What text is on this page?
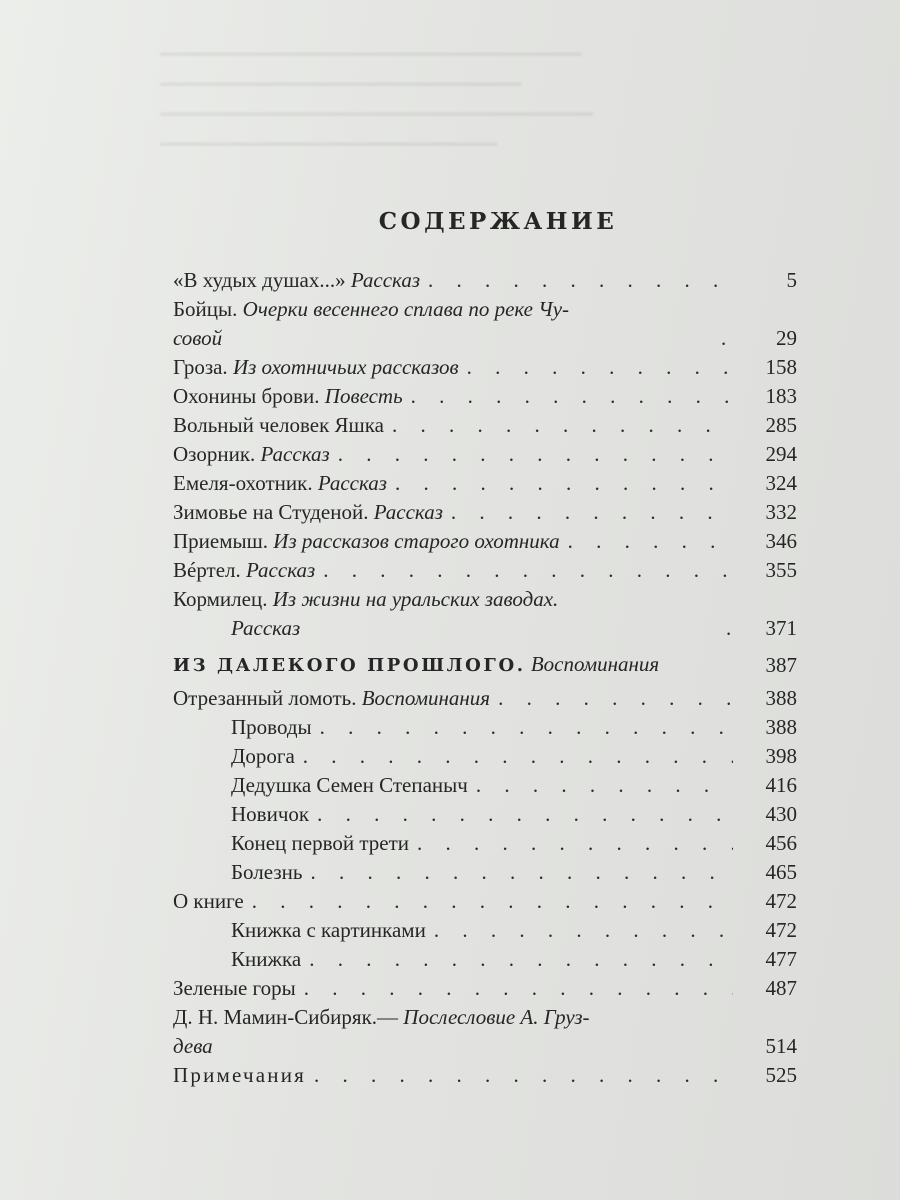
━━━━━━━━━━━━━━━━━━━━━━━━━━━━━━━━━━━
━━━━━━━━━━━━━━━━━━━━━━━━━━━━━━
━━━━━━━━━━━━━━━━━━━━━━━━━━━━━━━━━━━━
━━━━━━━━━━━━━━━━━━━━━━━━━━━━
СОДЕРЖАНИЕ
«В худых душах...» Рассказ . . .	5
Бойцы. Очерки весеннего сплава по реке Чу-
совой . . .	29
Гроза. Из охотничьих рассказов . . .	158
Охонины брови. Повесть . . .	183
Вольный человек Яшка . . .	285
Озорник. Рассказ . . .	294
Емеля-охотник. Рассказ . . .	324
Зимовье на Студеной. Рассказ . . .	332
Приемыш. Из рассказов старого охотника . . .	346
Вéртел. Рассказ . . .	355
Кормилец. Из жизни на уральских заводах.
Рассказ . . .	371
ИЗ ДАЛЕКОГО ПРОШЛОГО. Воспоминания	387
Отрезанный ломоть. Воспоминания . . .	388
Проводы . . .	388
Дорога . . .	398
Дедушка Семен Степаныч . . .	416
Новичок . . .	430
Конец первой трети . . .	456
Болезнь . . .	465
О книге . . .	472
Книжка с картинками . . .	472
Книжка . . .	477
Зеленые горы . . .	487
Д. Н. Мамин-Сибиряк.— Послесловие А. Груз-
дева	514
Примечания . . .	525
